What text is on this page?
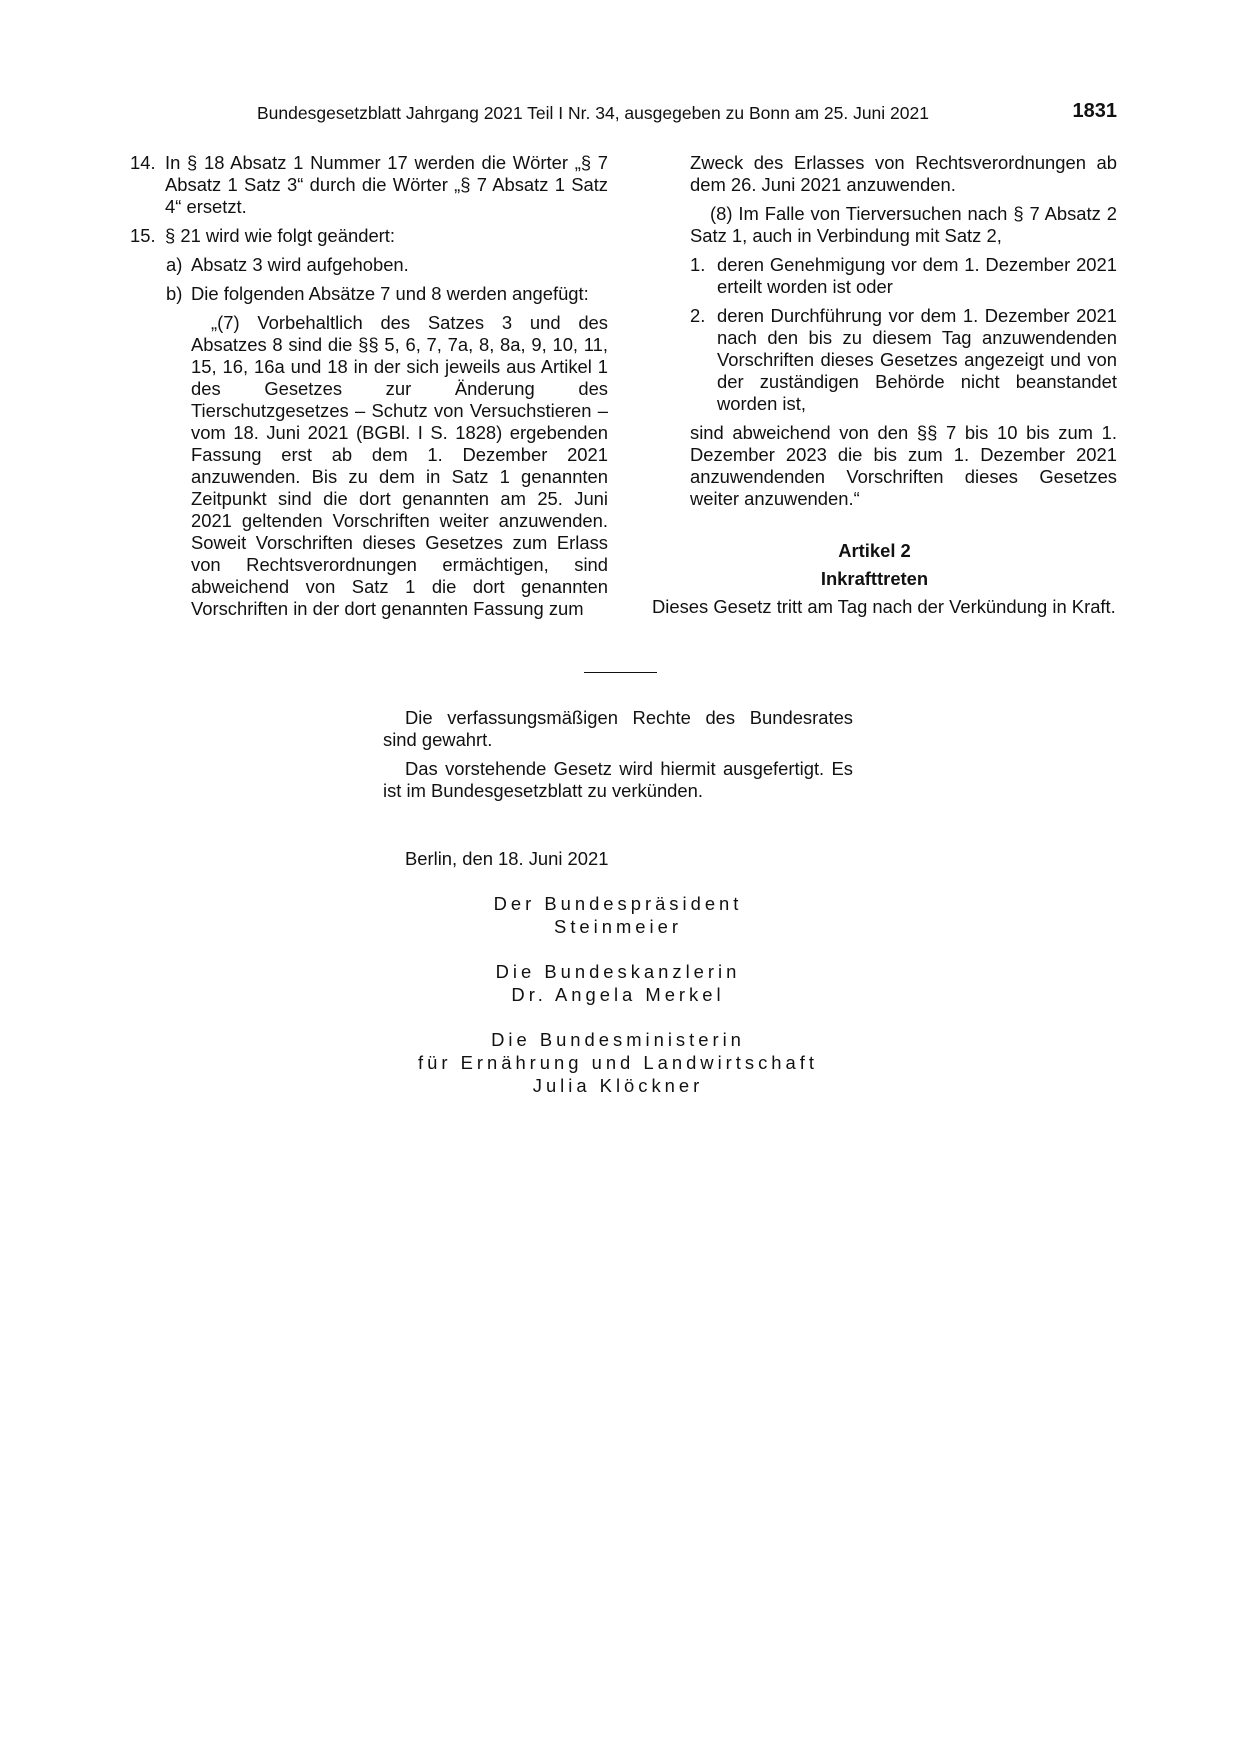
Bundesgesetzblatt Jahrgang 2021 Teil I Nr. 34, ausgegeben zu Bonn am 25. Juni 2021	1831
14. In § 18 Absatz 1 Nummer 17 werden die Wörter „§ 7 Absatz 1 Satz 3“ durch die Wörter „§ 7 Absatz 1 Satz 4“ ersetzt.
15. § 21 wird wie folgt geändert:
a) Absatz 3 wird aufgehoben.
b) Die folgenden Absätze 7 und 8 werden angefügt:

„(7) Vorbehaltlich des Satzes 3 und des Absatzes 8 sind die §§ 5, 6, 7, 7a, 8, 8a, 9, 10, 11, 15, 16, 16a und 18 in der sich jeweils aus Artikel 1 des Gesetzes zur Änderung des Tierschutzgesetzes – Schutz von Versuchstieren – vom 18. Juni 2021 (BGBl. I S. 1828) ergebenden Fassung erst ab dem 1. Dezember 2021 anzuwenden. Bis zu dem in Satz 1 genannten Zeitpunkt sind die dort genannten am 25. Juni 2021 geltenden Vorschriften weiter anzuwenden. Soweit Vorschriften dieses Gesetzes zum Erlass von Rechtsverordnungen ermächtigen, sind abweichend von Satz 1 die dort genannten Vorschriften in der dort genannten Fassung zum

Zweck des Erlasses von Rechtsverordnungen ab dem 26. Juni 2021 anzuwenden.

(8) Im Falle von Tierversuchen nach § 7 Absatz 2 Satz 1, auch in Verbindung mit Satz 2,

1. deren Genehmigung vor dem 1. Dezember 2021 erteilt worden ist oder
2. deren Durchführung vor dem 1. Dezember 2021 nach den bis zu diesem Tag anzuwendenden Vorschriften dieses Gesetzes angezeigt und von der zuständigen Behörde nicht beanstandet worden ist,

sind abweichend von den §§ 7 bis 10 bis zum 1. Dezember 2023 die bis zum 1. Dezember 2021 anzuwendenden Vorschriften dieses Gesetzes weiter anzuwenden.“

Artikel 2

Inkrafttreten

Dieses Gesetz tritt am Tag nach der Verkündung in Kraft.

Die verfassungsmäßigen Rechte des Bundesrates sind gewahrt.

Das vorstehende Gesetz wird hiermit ausgefertigt. Es ist im Bundesgesetzblatt zu verkünden.

Berlin, den 18. Juni 2021
Der Bundespräsident
Steinmeier
Die Bundeskanzlerin
Dr. Angela Merkel
Die Bundesministerin
für Ernährung und Landwirtschaft
Julia Klöckner
